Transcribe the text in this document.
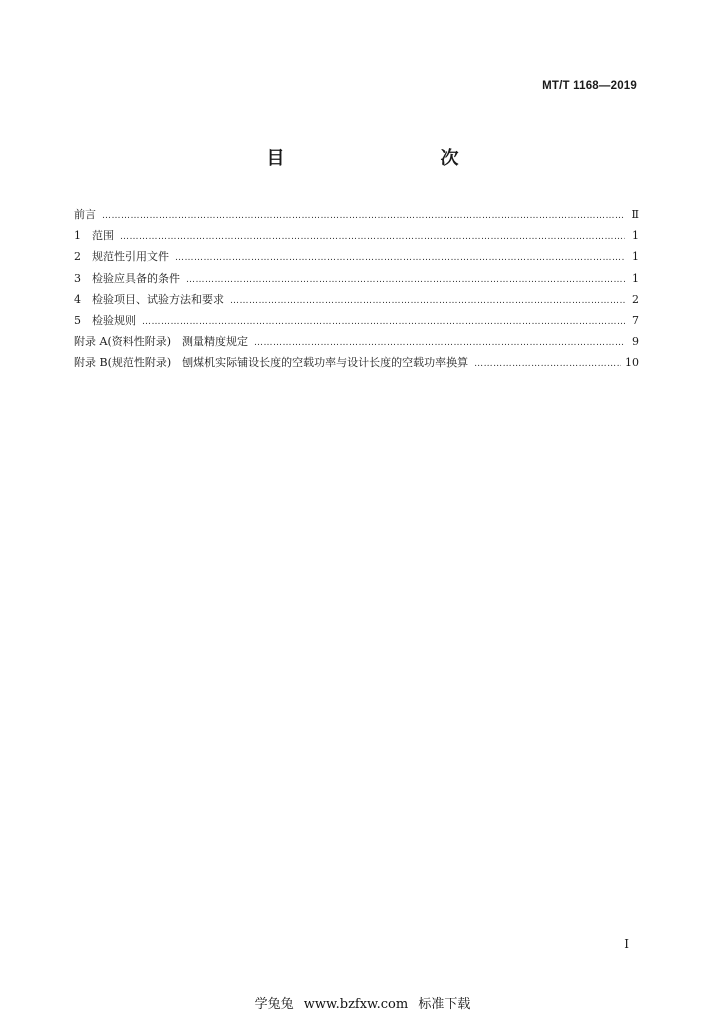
MT/T 1168—2019
目　　次
前言 ……………………………………………………………………………………………………………………………………………………………………………………………………	Ⅱ
1　范围 ……………………………………………………………………………………………………………………………………………………………………………………………………	1
2　规范性引用文件 ……………………………………………………………………………………………………………………………………………………………………………………………………	1
3　检验应具备的条件 ……………………………………………………………………………………………………………………………………………………………………………………………………	1
4　检验项目、试验方法和要求 ……………………………………………………………………………………………………………………………………………………………………………………………………	2
5　检验规则 ……………………………………………………………………………………………………………………………………………………………………………………………………	7
附录 A(资料性附录)　测量精度规定 ……………………………………………………………………………………………………………………………………………………………………………………………………	9
附录 B(规范性附录)　刨煤机实际铺设长度的空载功率与设计长度的空载功率换算 ……………………………………………………………………………………………………………………………………………………………………………………………………	10
I
学兔兔 www.bzfxw.com 标准下载
